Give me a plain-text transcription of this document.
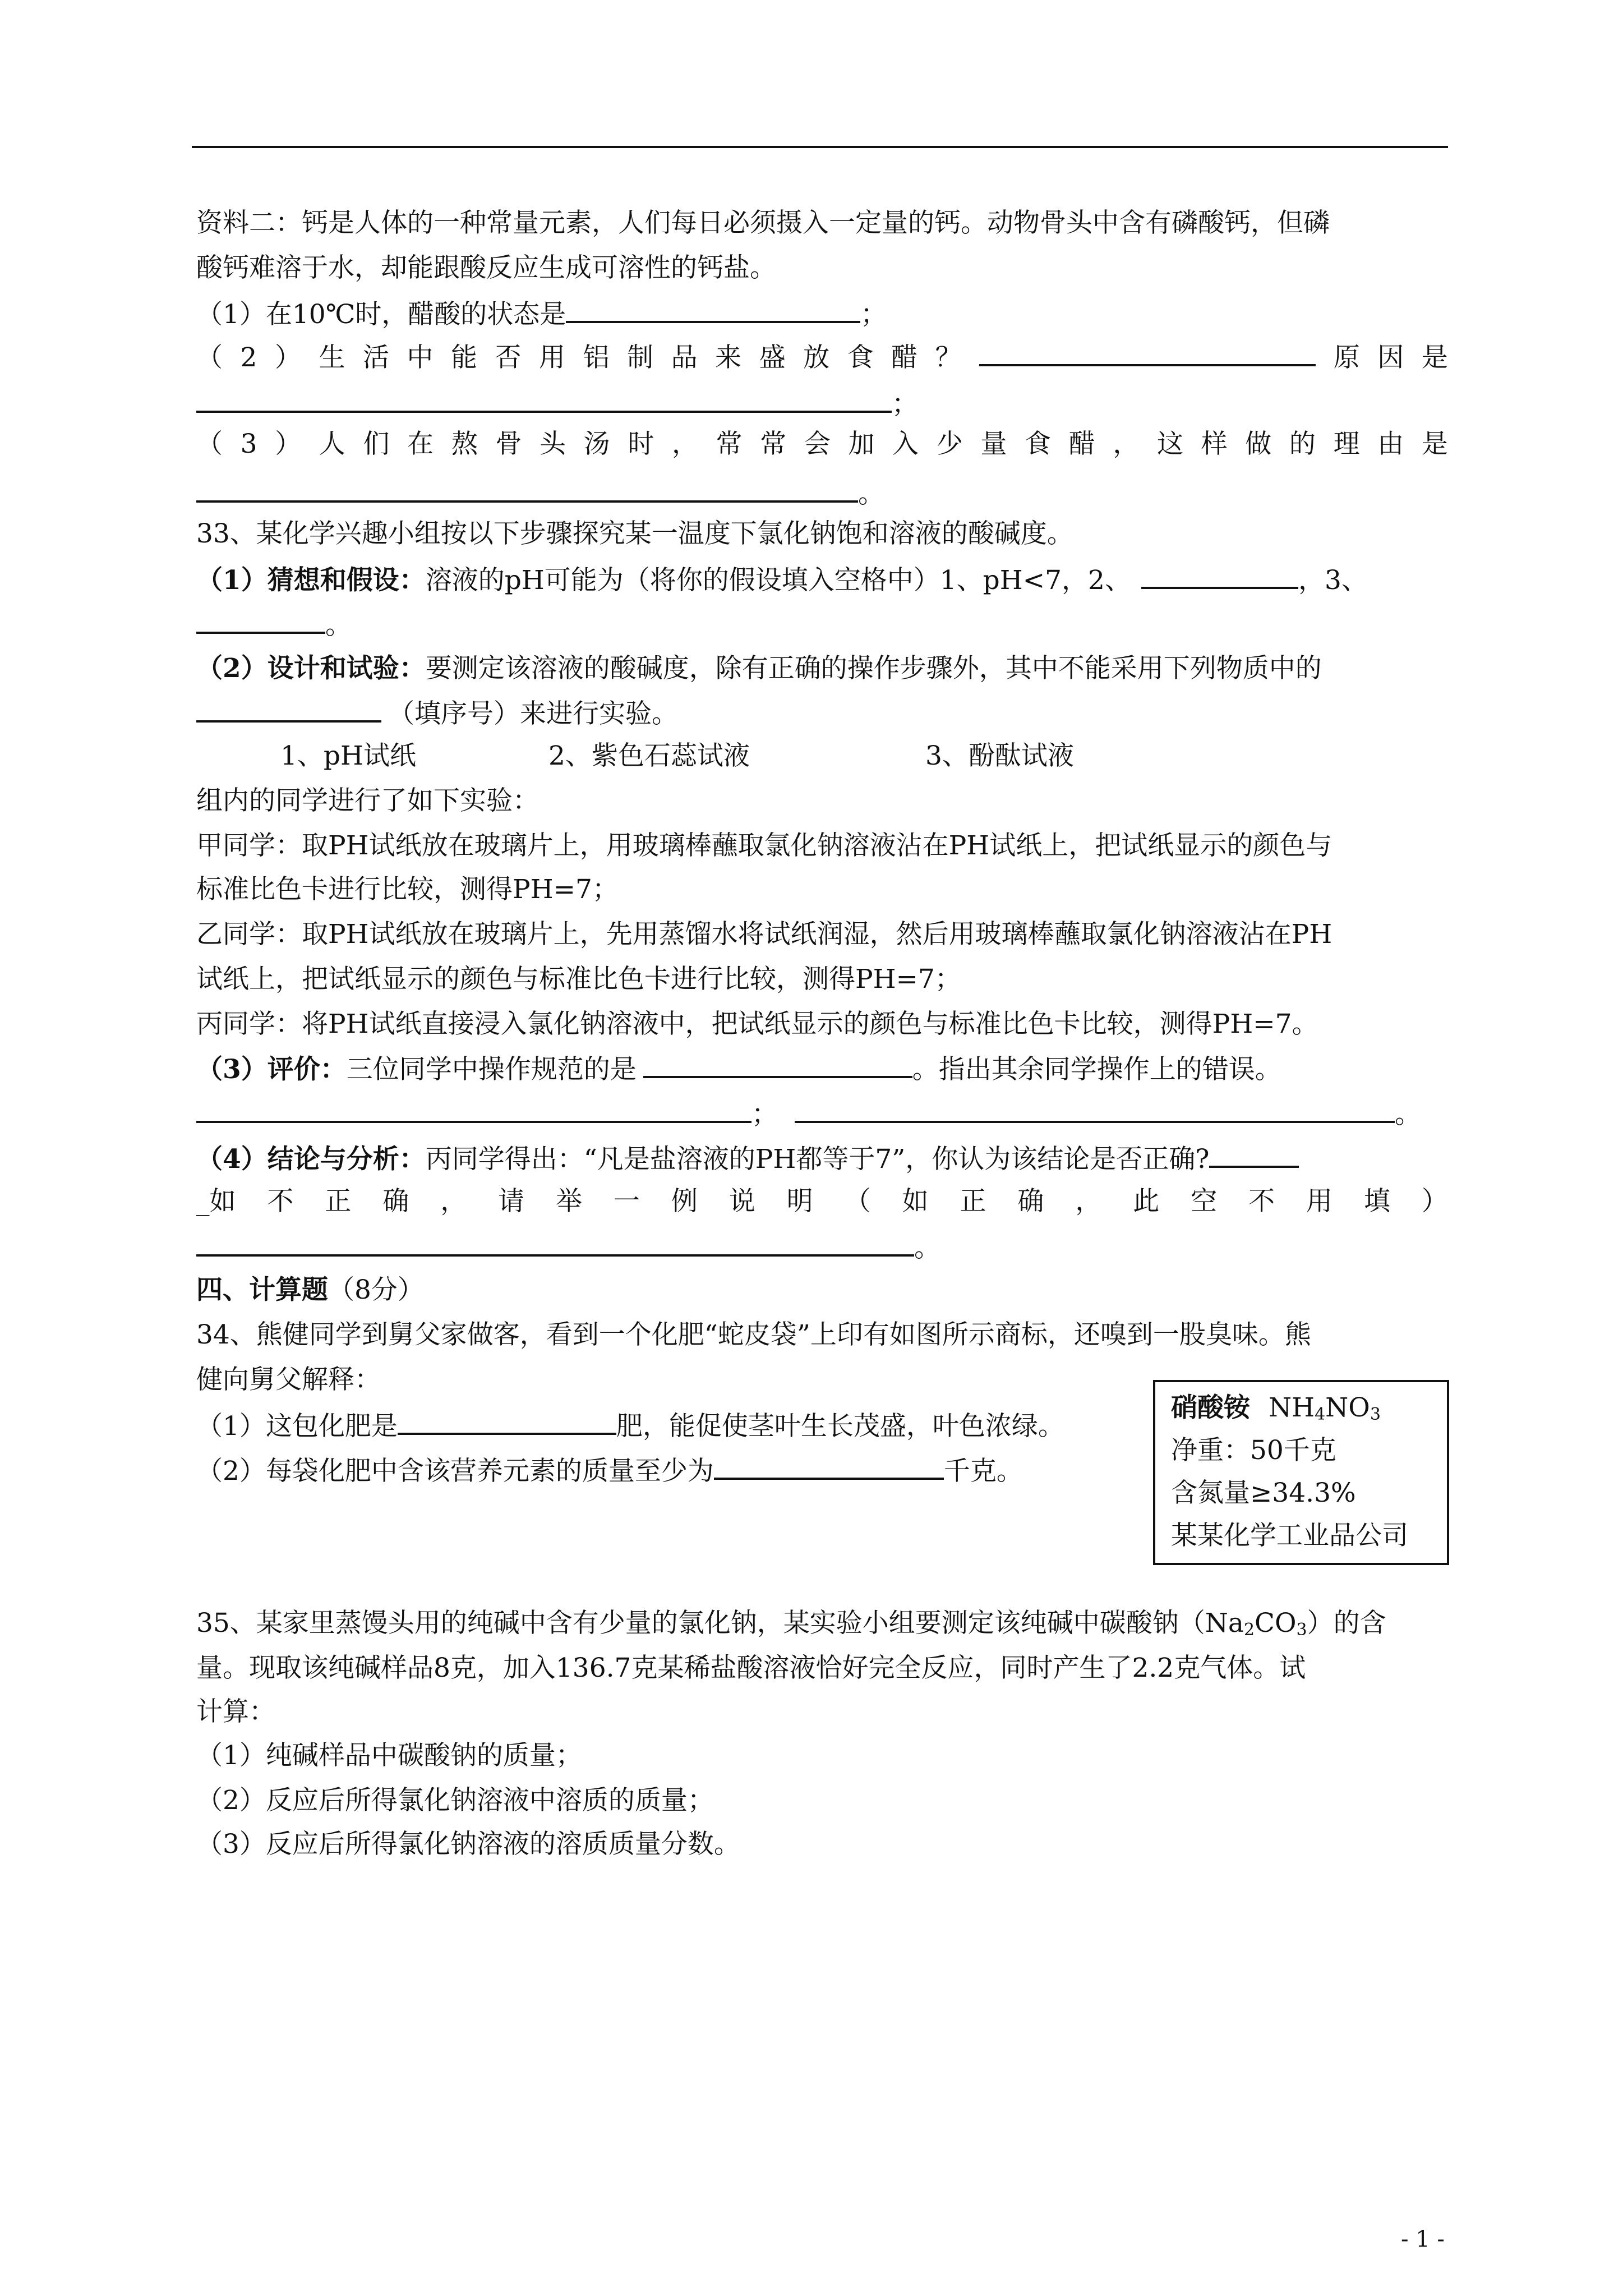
资料二：钙是人体的一种常量元素，人们每日必须摄入一定量的钙。动物骨头中含有磷酸钙，但磷
酸钙难溶于水，却能跟酸反应生成可溶性的钙盐。
（1）在10℃时，醋酸的状态是	；
（ 2 ） 生 活 中 能 否 用 铝 制 品 来 盛 放 食 醋 ？	原 因 是
；
（ 3 ） 人 们 在 熬 骨 头 汤 时 ， 常 常 会 加 入 少 量 食 醋 ， 这 样 做 的 理 由 是
。
33、某化学兴趣小组按以下步骤探究某一温度下氯化钠饱和溶液的酸碱度。
（1）猜想和假设：溶液的pH可能为（将你的假设填入空格中）1、pH<7，2、	，3、
。
（2）设计和试验：要测定该溶液的酸碱度，除有正确的操作步骤外，其中不能采用下列物质中的
（填序号）来进行实验。
1、pH试纸	2、紫色石蕊试液	3、酚酞试液
组内的同学进行了如下实验：
甲同学：取PH试纸放在玻璃片上，用玻璃棒蘸取氯化钠溶液沾在PH试纸上，把试纸显示的颜色与
标准比色卡进行比较，测得PH=7；
乙同学：取PH试纸放在玻璃片上，先用蒸馏水将试纸润湿，然后用玻璃棒蘸取氯化钠溶液沾在PH
试纸上，把试纸显示的颜色与标准比色卡进行比较，测得PH=7；
丙同学：将PH试纸直接浸入氯化钠溶液中，把试纸显示的颜色与标准比色卡比较，测得PH=7。
（3）评价：三位同学中操作规范的是	。指出其余同学操作上的错误。
；	。
（4）结论与分析：丙同学得出：“凡是盐溶液的PH都等于7”，你认为该结论是否正确?
_如 不 正 确 ， 请 举 一 例 说 明 （ 如 正 确 ， 此 空 不 用 填 ）
。
四、计算题（8分）
34、熊健同学到舅父家做客，看到一个化肥“蛇皮袋”上印有如图所示商标，还嗅到一股臭味。熊
健向舅父解释：
（1）这包化肥是	肥，能促使茎叶生长茂盛，叶色浓绿。
（2）每袋化肥中含该营养元素的质量至少为	千克。
硝酸铵 $NH_4NO_3$
净重：50千克
含氮量≥34.3%
某某化学工业品公司
35、某家里蒸馒头用的纯碱中含有少量的氯化钠，某实验小组要测定该纯碱中碳酸钠$(Na_2CO_3)$的含
量。现取该纯碱样品8克，加入136.7克某稀盐酸溶液恰好完全反应，同时产生了2.2克气体。试
计算：
（1）纯碱样品中碳酸钠的质量；
（2）反应后所得氯化钠溶液中溶质的质量；
（3）反应后所得氯化钠溶液的溶质质量分数。
- 1 -
